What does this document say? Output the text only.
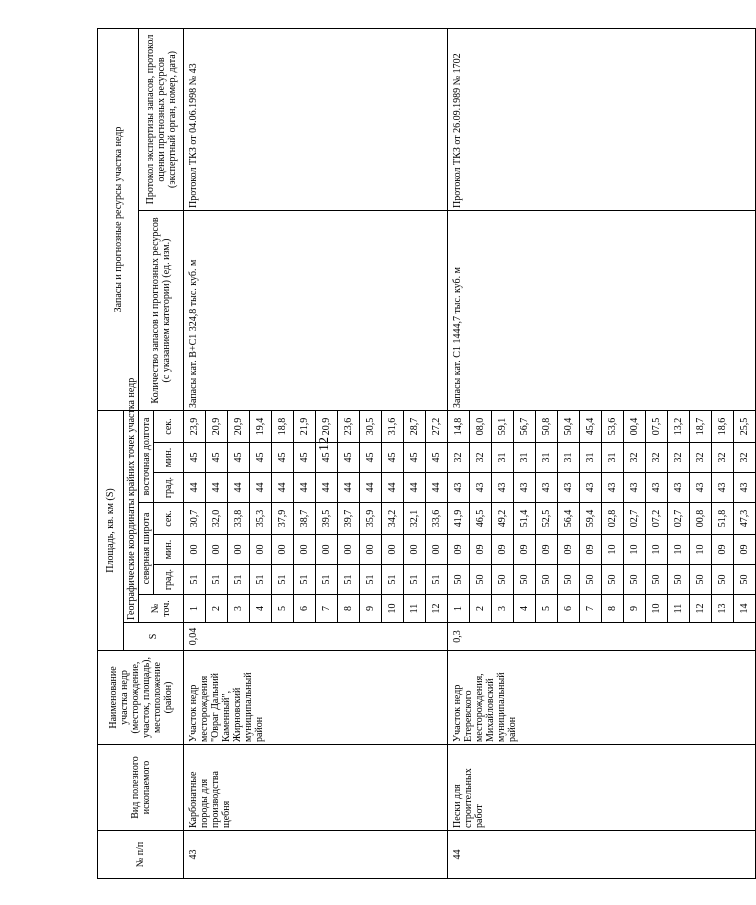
12
№ п/п	Вид полезного ископаемого	Наименование участка недр (месторождение, участок, площадь), местоположение (район)	Площадь, кв. км (S)								Запасы и прогнозные ресурсы участка недр	
			S	Географические координаты крайних точек участка недр								
				№ точ.	северная широта			восточная долгота			Количество запасов и прогнозных ресурсов (с указанием категории) (ед. изм.)	Протокол экспертизы запасов, протокол оценки прогнозных ресурсов (экспертный орган, номер, дата)
					град.	мин.	сек.	град.	мин.	сек.		
43	Карбонатные породы для производства щебня	Участок недр месторождения "Овраг Дальний Каменный", Жирновский муниципальный район	0,04	1	51	00	30,7	44	45	23,9	Запасы кат. B+C1 324,8 тыс. куб. м	Протокол ТКЗ от 04.06.1998 № 43
				2	51	00	32,0	44	45	20,9		
				3	51	00	33,8	44	45	20,9		
				4	51	00	35,3	44	45	19,4		
				5	51	00	37,9	44	45	18,8		
				6	51	00	38,7	44	45	21,9		
				7	51	00	39,5	44	45	20,9		
				8	51	00	39,7	44	45	23,6		
				9	51	00	35,9	44	45	30,5		
				10	51	00	34,2	44	45	31,6		
				11	51	00	32,1	44	45	28,7		
				12	51	00	33,6	44	45	27,2		
44	Пески для строительных работ	Участок недр Етеревского месторождения, Михайловский муниципальный район	0,3	1	50	09	41,9	43	32	14,8	Запасы кат. C1 1444,7 тыс. куб. м	Протокол ТКЗ от 26.09.1989 № 1702
				2	50	09	46,5	43	32	08,0		
				3	50	09	49,2	43	31	59,1		
				4	50	09	51,4	43	31	56,7		
				5	50	09	52,5	43	31	50,8		
				6	50	09	56,4	43	31	50,4		
				7	50	09	59,4	43	31	45,4		
				8	50	10	02,8	43	31	53,6		
				9	50	10	02,7	43	32	00,4		
				10	50	10	07,2	43	32	07,5		
				11	50	10	02,7	43	32	13,2		
				12	50	10	00,8	43	32	18,7		
				13	50	09	51,8	43	32	18,6		
				14	50	09	47,3	43	32	25,5		
